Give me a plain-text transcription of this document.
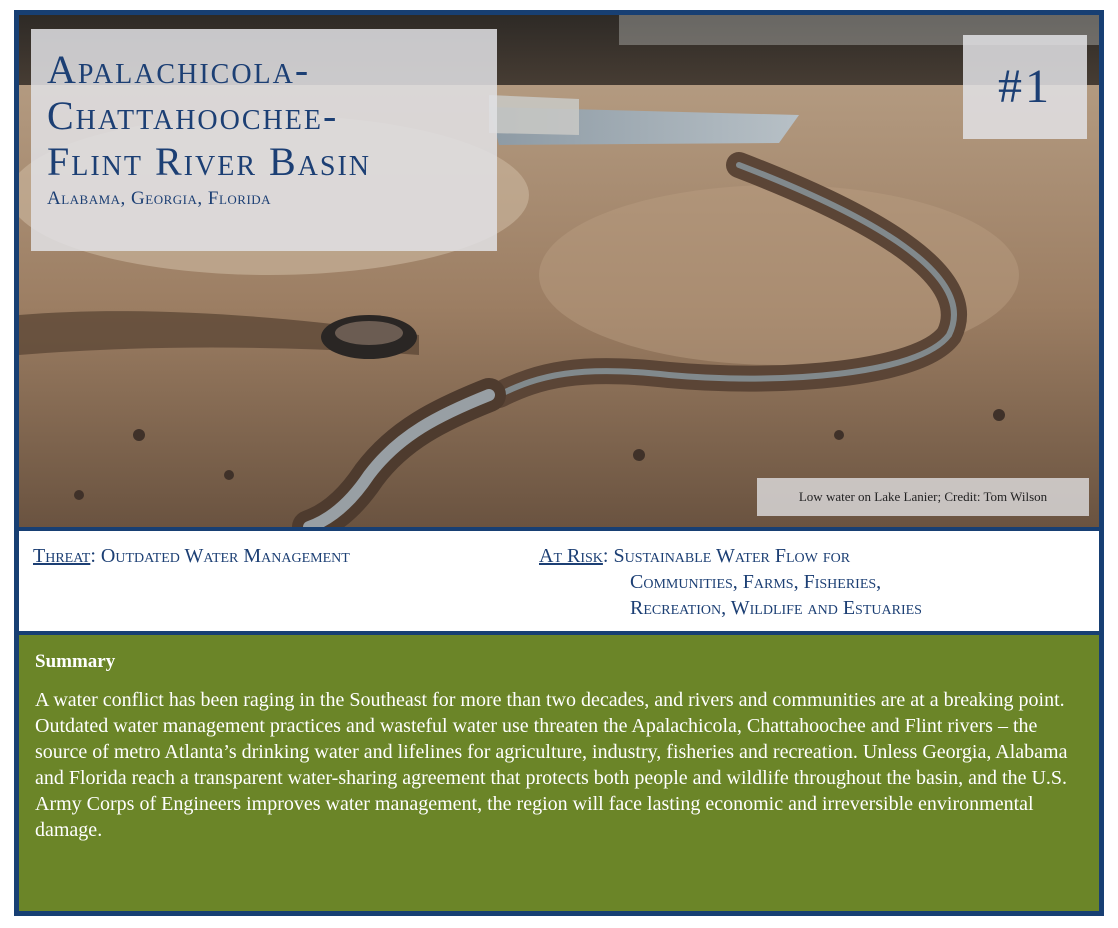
Apalachicola-
Chattahoochee-
Flint River Basin
Alabama, Georgia, Florida
#1
Low water on Lake Lanier; Credit: Tom Wilson
Threat: Outdated Water Management	At Risk: Sustainable Water Flow for
Communities, Farms, Fisheries,
Recreation, Wildlife and Estuaries
Summary
A water conflict has been raging in the Southeast for more than two decades, and rivers and communities are at a breaking point. Outdated water management practices and wasteful water use threaten the Apalachicola, Chattahoochee and Flint rivers – the source of metro Atlanta’s drinking water and lifelines for agriculture, industry, fisheries and recreation. Unless Georgia, Alabama and Florida reach a transparent water-sharing agreement that protects both people and wildlife throughout the basin, and the U.S. Army Corps of Engineers improves water management, the region will face lasting economic and irreversible environmental damage.
